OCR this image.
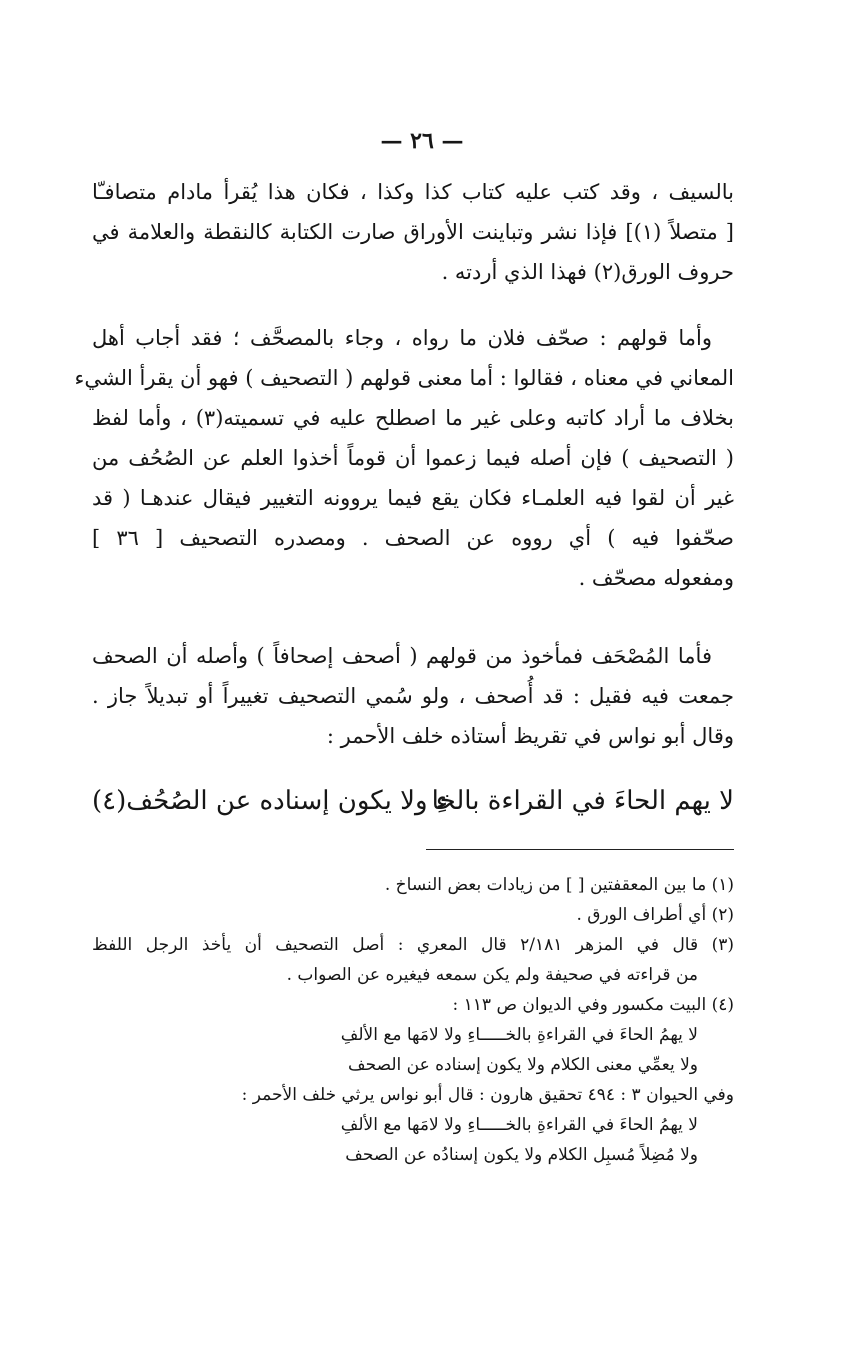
— ٢٦ —
بالسيف ، وقد كتب عليه كتاب كذا وكذا ، فكان هذا يُقرأ مادام متصافـّا
[ متصلاً (١)] فإذا نشر وتباينت الأوراق صارت الكتابة كالنقطة والعلامة في
حروف الورق(٢) فهذا الذي أردته .
وأما قولهم : صحّف فلان ما رواه ، وجاء بالمصحَّف ؛ فقد أجاب أهل
المعاني في معناه ، فقالوا : أما معنى قولهم ( التصحيف ) فهو أن يقرأ الشيء
بخلاف ما أراد كاتبه وعلى غير ما اصطلح عليه في تسميته(٣) ، وأما لفظ
( التصحيف ) فإن أصله فيما زعموا أن قوماً أخذوا العلم عن الصُحُف من
غير أن لقوا فيه العلمـاء فكان يقع فيما يروونه التغيير فيقال عندهـا ( قد
صحّفوا فيه ) أي رووه عن الصحف . ومصدره التصحيف [ ٣٦ ]
ومفعوله مصحّف .
فأما المُصْحَف فمأخوذ من قولهم ( أصحف إصحافاً ) وأصله أن الصحف
جمعت فيه فقيل : قد أُصحف ، ولو سُمي التصحيف تغييراً أو تبديلاً جاز .
وقال أبو نواس في تقريظ أستاذه خلف الأحمر :
لا يهم الحاءَ في القراءة بالخا
ءِ ولا يكون إسناده عن الصُحُف(٤)
(١) ما بين المعقفتين [ ] من زيادات بعض النساخ .
(٢) أي أطراف الورق .
(٣) قال في المزهر ٢/١٨١ قال المعري : أصل التصحيف أن يأخذ الرجل اللفظ
من قراءته في صحيفة ولم يكن سمعه فيغيره عن الصواب .
(٤) البيت مكسور وفي الديوان ص ١١٣ :
لا يهمُ الحاءَ في القراءةِ بالخـــــاءِ ولا لامَها مع الألفِ
ولا يعمِّي معنى الكلام ولا يكون إسناده عن الصحف
وفي الحيوان ٣ : ٤٩٤ تحقيق هارون : قال أبو نواس يرثي خلف الأحمر :
لا يهمُ الحاءَ في القراءةِ بالخـــــاءِ ولا لامَها مع الألفِ
ولا مُضِلاً مُسبِل الكلام ولا يكون إسنادُه عن الصحف
